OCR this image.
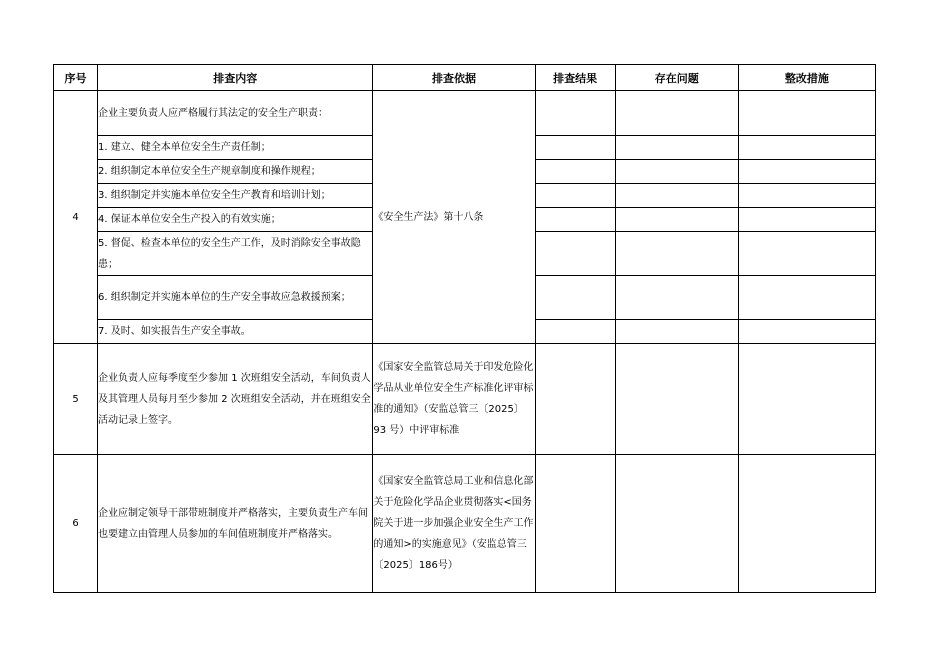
序号	排查内容	排查依据	排查结果	存在问题	整改措施
4	企业主要负责人应严格履行其法定的安全生产职责：	《安全生产法》第十八条			
	1. 建立、健全本单位安全生产责任制；				
	2. 组织制定本单位安全生产规章制度和操作规程；				
	3. 组织制定并实施本单位安全生产教育和培训计划；				
	4. 保证本单位安全生产投入的有效实施；				
	5. 督促、检查本单位的安全生产工作，及时消除安全事故隐患；				
	6. 组织制定并实施本单位的生产安全事故应急救援预案；				
	7. 及时、如实报告生产安全事故。				
5	企业负责人应每季度至少参加 1 次班组安全活动，车间负责人及其管理人员每月至少参加 2 次班组安全活动，并在班组安全活动记录上签字。	《国家安全监管总局关于印发危险化学品从业单位安全生产标准化评审标准的通知》（安监总管三〔2025〕93 号）中评审标准			
6	企业应制定领导干部带班制度并严格落实，主要负责生产车间也要建立由管理人员参加的车间值班制度并严格落实。	《国家安全监管总局工业和信息化部关于危险化学品企业贯彻落实<国务院关于进一步加强企业安全生产工作的通知>的实施意见》（安监总管三〔2025〕186号）			
